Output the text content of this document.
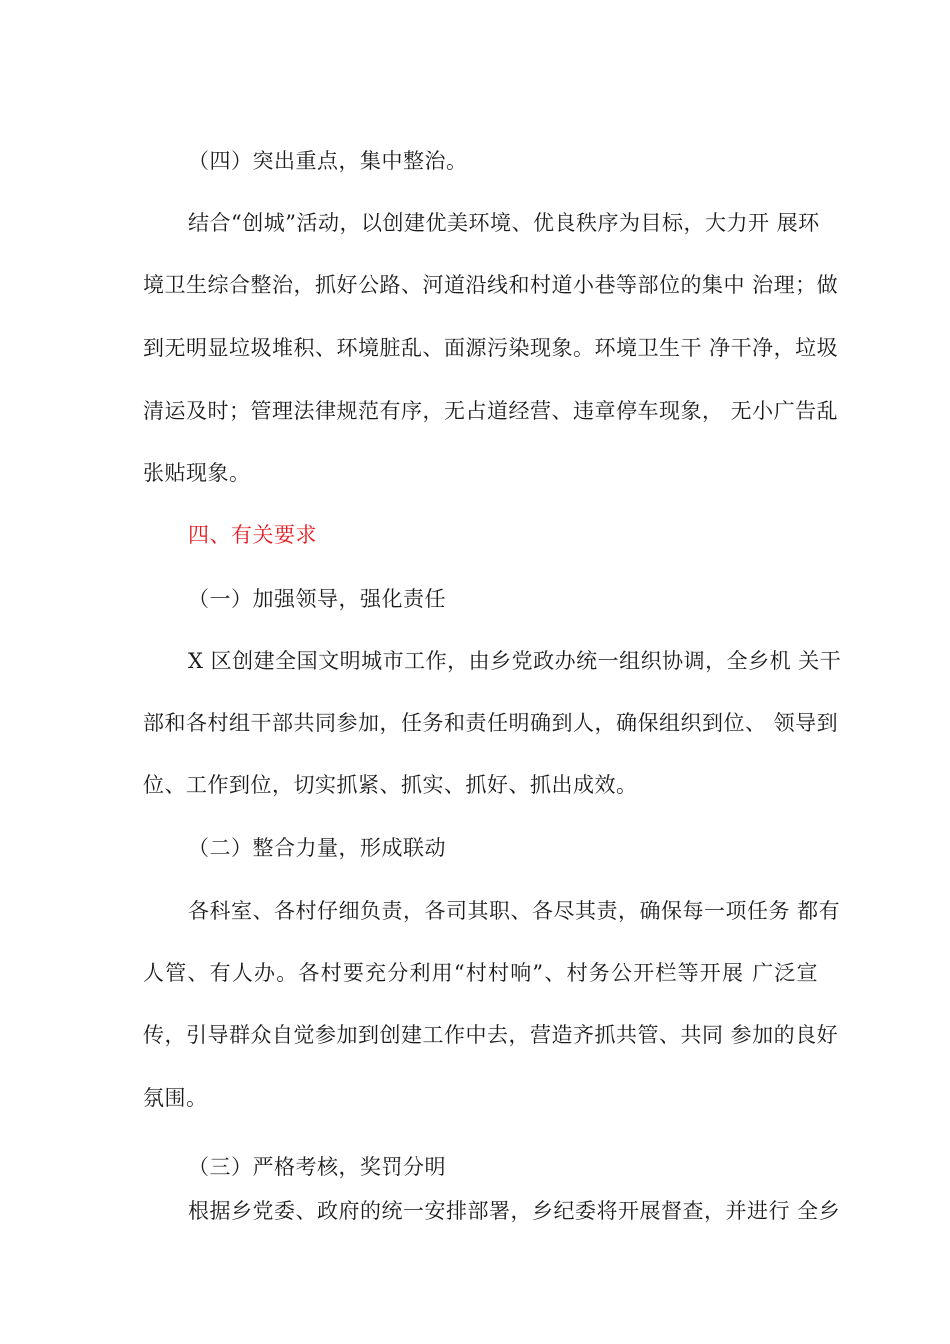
（四）突出重点，集中整治。
结合“创城”活动，以创建优美环境、优良秩序为目标，大力开 展环
境卫生综合整治，抓好公路、河道沿线和村道小巷等部位的集中 治理；做
到无明显垃圾堆积、环境脏乱、面源污染现象。环境卫生干 净干净，垃圾
清运及时；管理法律规范有序，无占道经营、违章停车现象， 无小广告乱
张贴现象。
四、有关要求
（一）加强领导，强化责任
X 区创建全国文明城市工作，由乡党政办统一组织协调，全乡机 关干
部和各村组干部共同参加，任务和责任明确到人，确保组织到位、 领导到
位、工作到位，切实抓紧、抓实、抓好、抓出成效。
（二）整合力量，形成联动
各科室、各村仔细负责，各司其职、各尽其责，确保每一项任务 都有
人管、有人办。各村要充分利用“村村响”、村务公开栏等开展 广泛宣
传，引导群众自觉参加到创建工作中去，营造齐抓共管、共同 参加的良好
氛围。
（三）严格考核，奖罚分明
根据乡党委、政府的统一安排部署，乡纪委将开展督查，并进行 全乡
